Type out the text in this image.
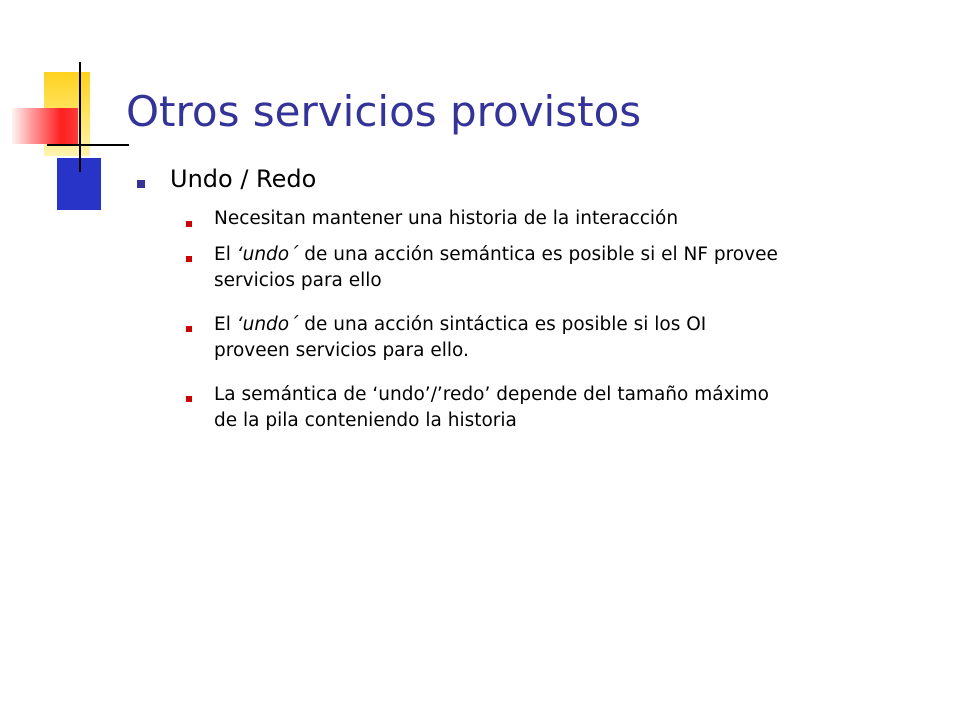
Otros servicios provistos
Undo / Redo
Necesitan mantener una historia de la interacción
El ‘undo´ de una acción semántica es posible si el NF provee
servicios para ello
El ‘undo´ de una acción sintáctica es posible si los OI
proveen servicios para ello.
La semántica de ‘undo’/’redo’ depende del tamaño máximo
de la pila conteniendo la historia
